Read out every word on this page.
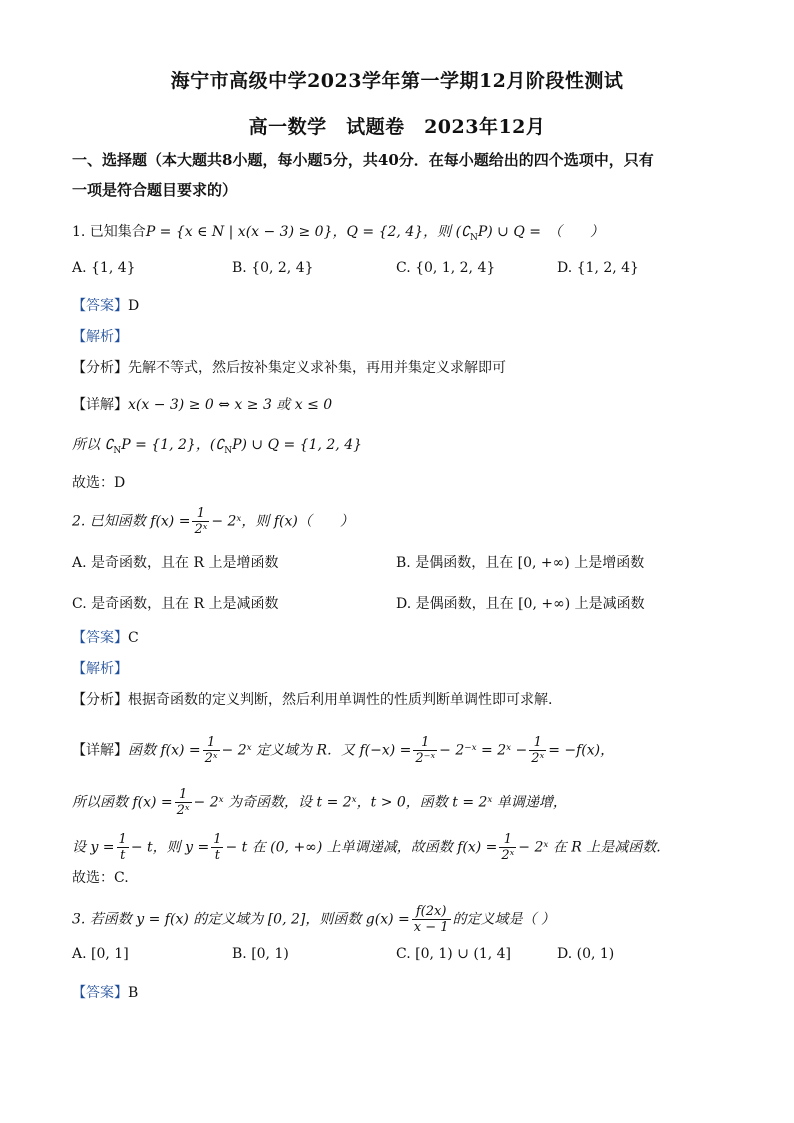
海宁市高级中学2023学年第一学期12月阶段性测试
高一数学　试题卷　2023年12月
一、选择题（本大题共8小题，每小题5分，共40分．在每小题给出的四个选项中，只有
一项是符合题目要求的）
1. 已知集合P = {x ∈ N | x(x − 3) ≥ 0}，Q = {2, 4}，则 $(∁_NP)$ ∪ Q =　（　　）
A. {1, 4}	B. {0, 2, 4}	C. {0, 1, 2, 4}	D. {1, 2, 4}
【答案】D
【解析】
【分析】先解不等式，然后按补集定义求补集，再用并集定义求解即可
【详解】x(x − 3) ≥ 0 ⇔ x ≥ 3 或 x ≤ 0
所以 $∁_NP = \{1$, 2}，$(∁_NP)$ ∪ Q = {1, 2, 4}
故选：D
2. 已知函数 $f(x) = \frac{1}{\text{2ˣ}}$ − 2ˣ，则 f(x)（　　）
A. 是奇函数，且在 R 上是增函数	B. 是偶函数，且在 [0, +∞) 上是增函数
C. 是奇函数，且在 R 上是减函数	D. 是偶函数，且在 [0, +∞) 上是减函数
【答案】C
【解析】
【分析】根据奇函数的定义判断，然后利用单调性的性质判断单调性即可求解.
【详解】函数 $f(x) = \frac{1}{\text{2ˣ}}$ − 2ˣ 定义域为 R．又 $f(-x) = \frac{1}{\text{2⁻ˣ}}$ − 2⁻ˣ = 2ˣ − $\frac{1}{\text{2ˣ}} = -f(x)$，
所以函数 $f(x) = \frac{1}{\text{2ˣ}}$ − 2ˣ 为奇函数，设 t = 2ˣ，t > 0，函数 t = 2ˣ 单调递增，
设 $y = \frac{1}{t} - t$，则 $y = \frac{1}{t} - t$ 在 (0, +∞) 上单调递减，故函数 $f(x) = \frac{1}{\text{2ˣ}}$ − 2ˣ 在 R 上是减函数.
故选：C.
3. 若函数 y = f(x) 的定义域为 [0, 2]，则函数 $g(x) = \frac{f(2x)}{x - 1}$ 的定义域是（ ）
A. [0, 1]	B. [0, 1)	C. [0, 1) ∪ (1, 4]	D. (0, 1)
【答案】B
